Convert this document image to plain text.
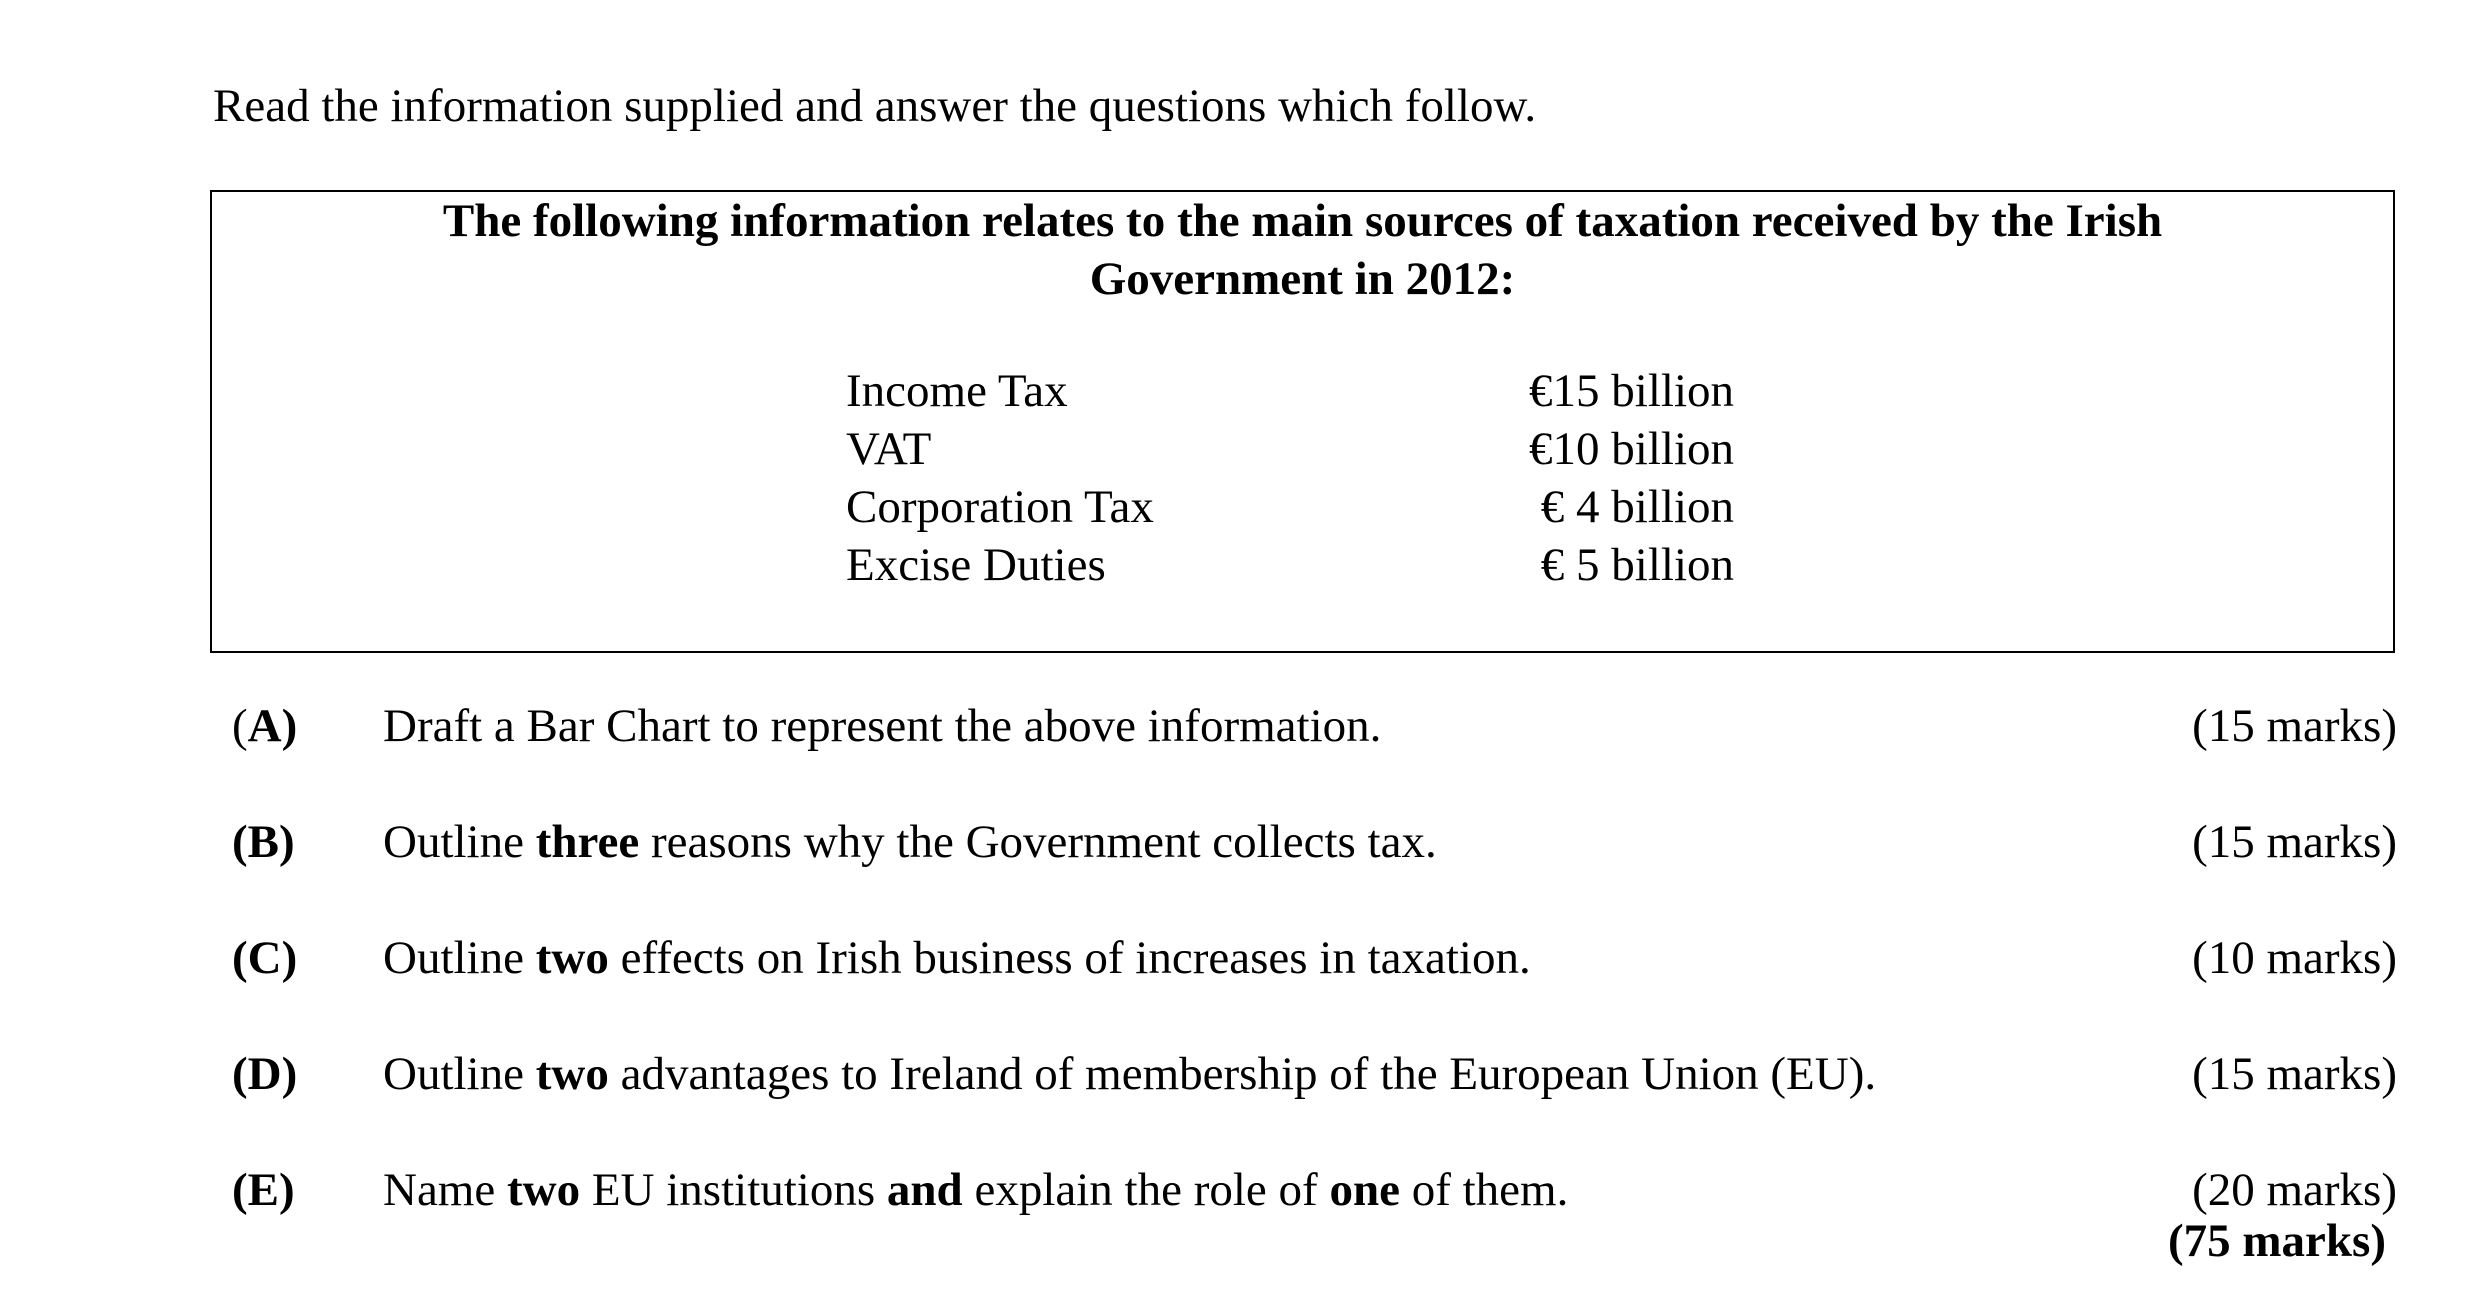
Read the information supplied and answer the questions which follow.
The following information relates to the main sources of taxation received by the Irish
Government in 2012:
Income Tax	€15 billion
VAT	€10 billion
Corporation Tax	€ 4 billion
Excise Duties	€ 5 billion
(A) Draft a Bar Chart to represent the above information.	(15 marks)
(B) Outline three reasons why the Government collects tax.	(15 marks)
(C) Outline two effects on Irish business of increases in taxation.	(10 marks)
(D) Outline two advantages to Ireland of membership of the European Union (EU).	(15 marks)
(E) Name two EU institutions and explain the role of one of them.	(20 marks)
(75 marks)
